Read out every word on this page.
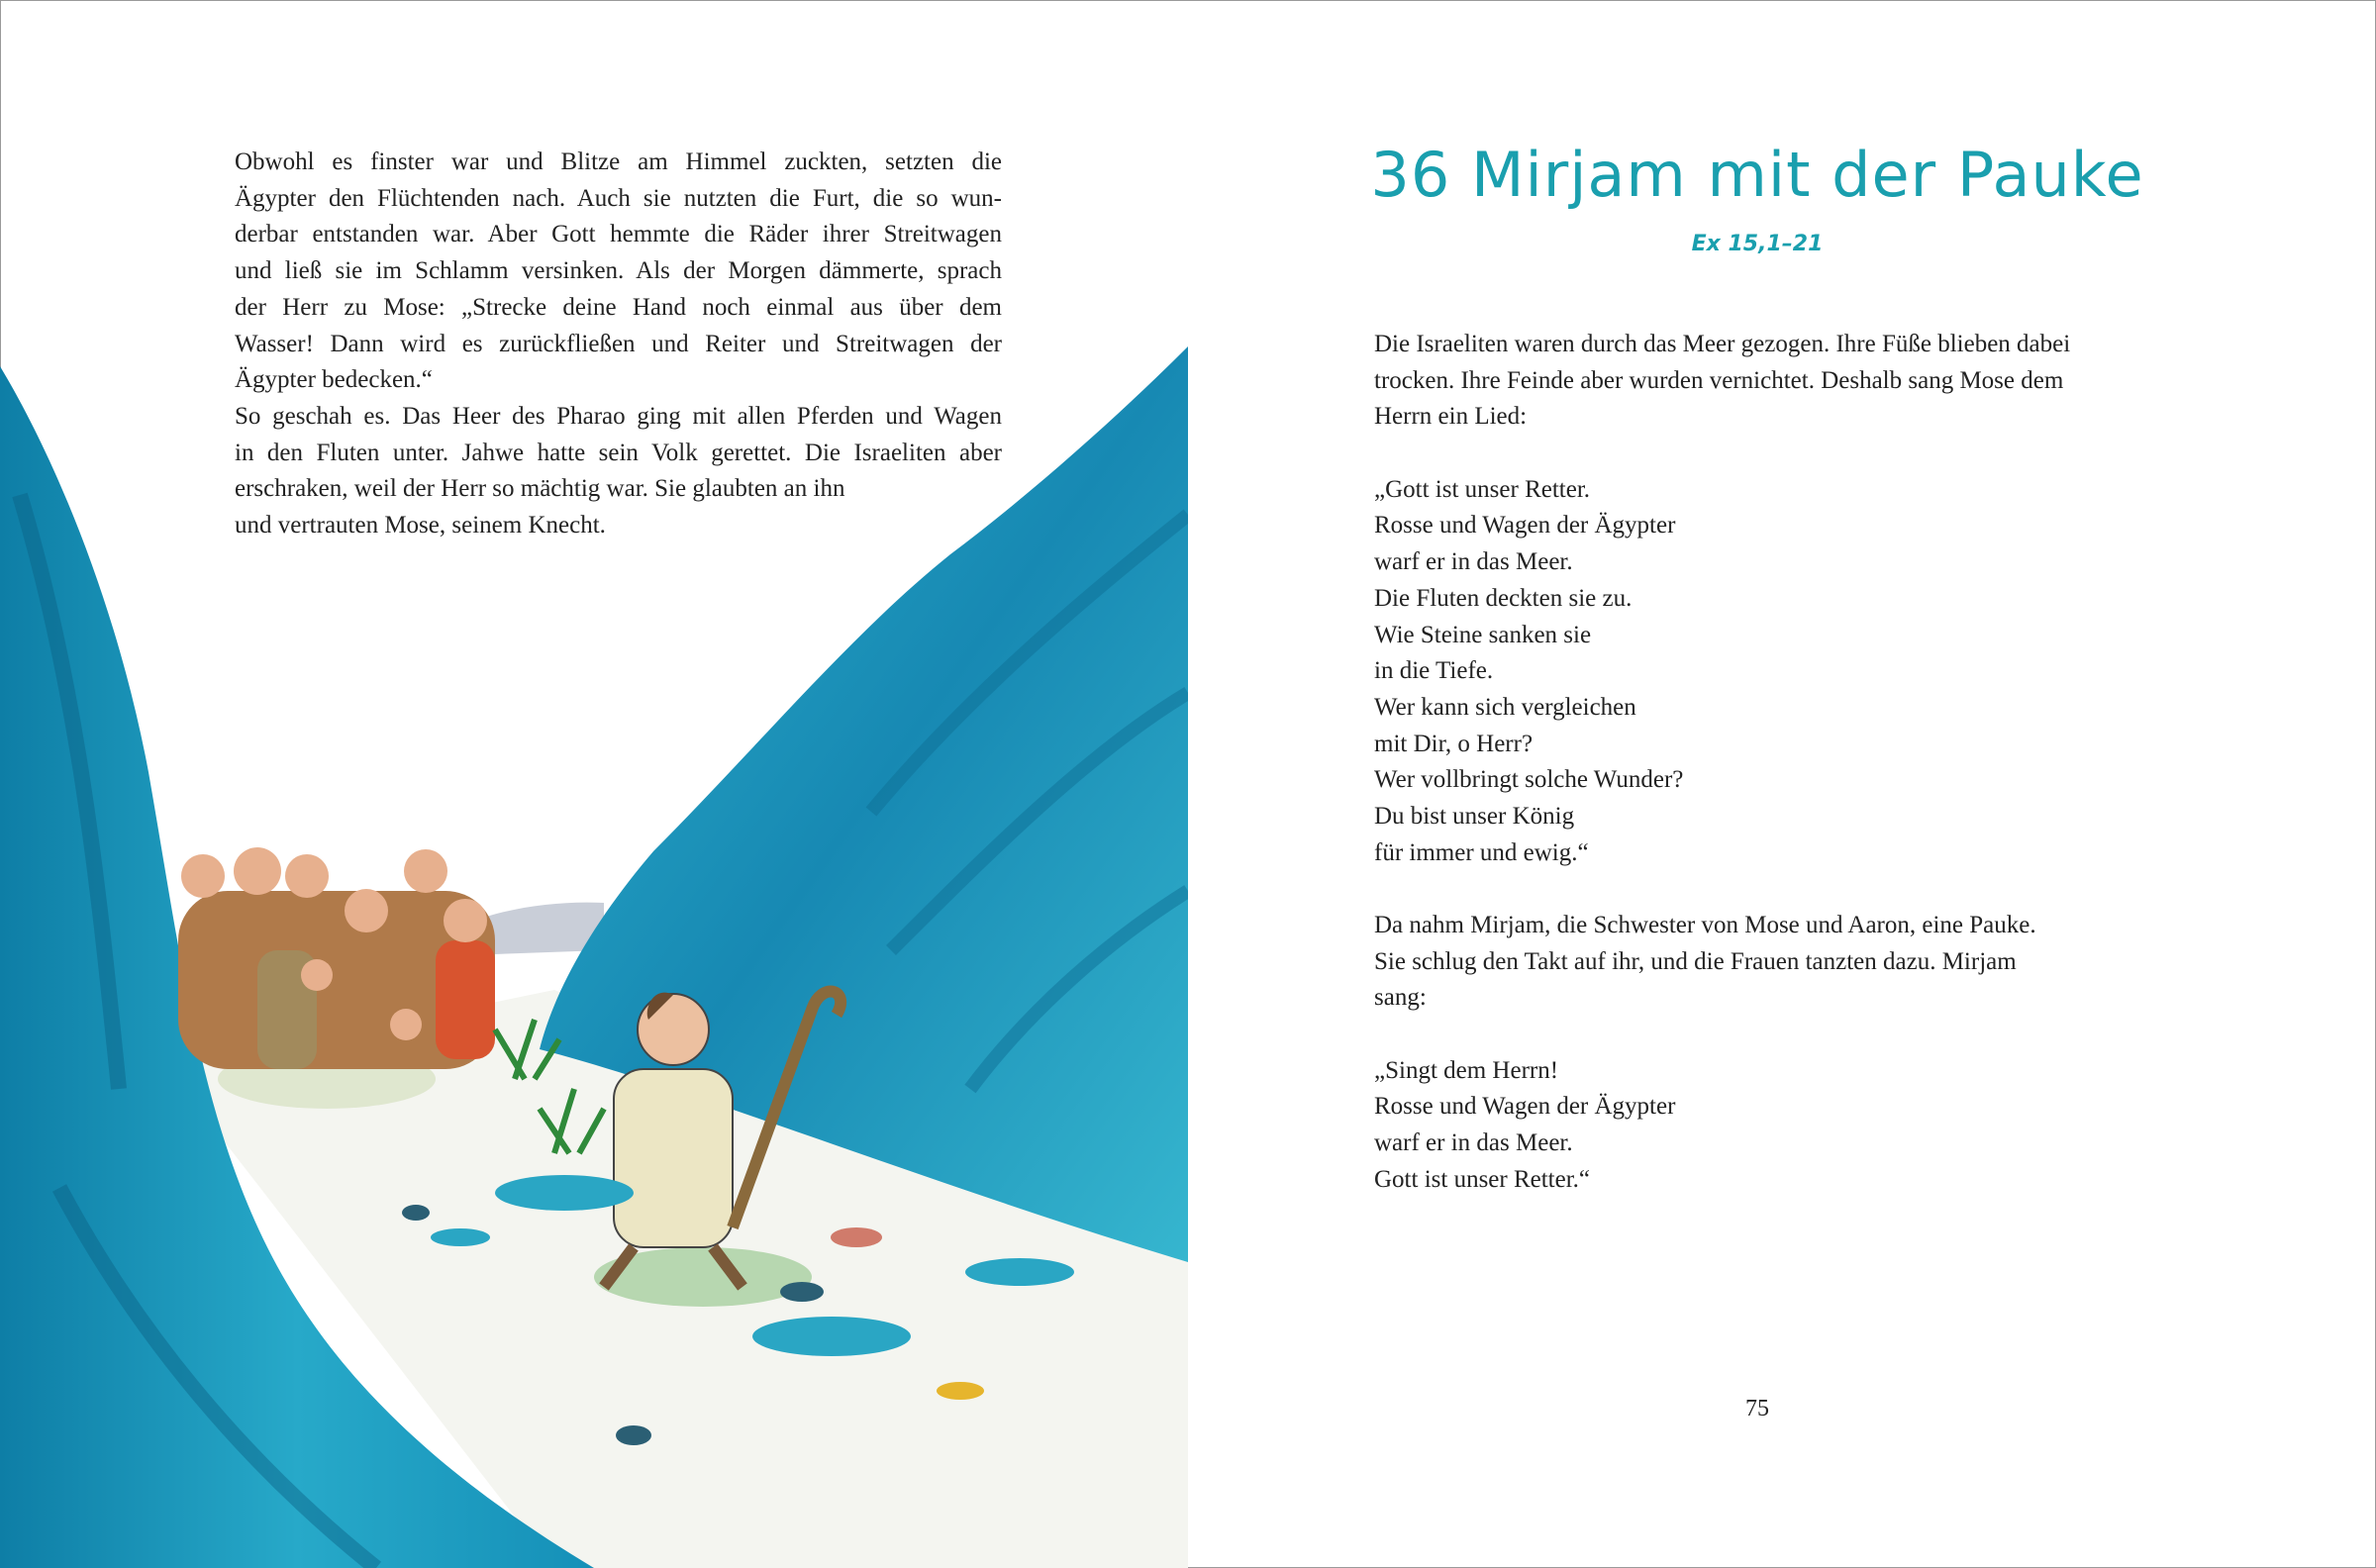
Obwohl es finster war und Blitze am Himmel zuckten, setzten die
Ägypter den Flüchtenden nach. Auch sie nutzten die Furt, die so wun-
derbar entstanden war. Aber Gott hemmte die Räder ihrer Streitwagen
und ließ sie im Schlamm versinken. Als der Morgen dämmerte, sprach
der Herr zu Mose: „Strecke deine Hand noch einmal aus über dem
Wasser! Dann wird es zurückfließen und Reiter und Streitwagen der
Ägypter bedecken.“
So geschah es. Das Heer des Pharao ging mit allen Pferden und Wagen
in den Fluten unter. Jahwe hatte sein Volk gerettet. Die Israeliten aber
erschraken, weil der Herr so mächtig war. Sie glaubten an ihn
und vertrauten Mose, seinem Knecht.
36 Mirjam mit der Pauke
Ex 15,1–21
Die Israeliten waren durch das Meer gezogen. Ihre Füße blieben dabei
trocken. Ihre Feinde aber wurden vernichtet. Deshalb sang Mose dem
Herrn ein Lied:
„Gott ist unser Retter.
Rosse und Wagen der Ägypter
warf er in das Meer.
Die Fluten deckten sie zu.
Wie Steine sanken sie
in die Tiefe.
Wer kann sich vergleichen
mit Dir, o Herr?
Wer vollbringt solche Wunder?
Du bist unser König
für immer und ewig.“
Da nahm Mirjam, die Schwester von Mose und Aaron, eine Pauke.
Sie schlug den Takt auf ihr, und die Frauen tanzten dazu. Mirjam
sang:
„Singt dem Herrn!
Rosse und Wagen der Ägypter
warf er in das Meer.
Gott ist unser Retter.“
75
